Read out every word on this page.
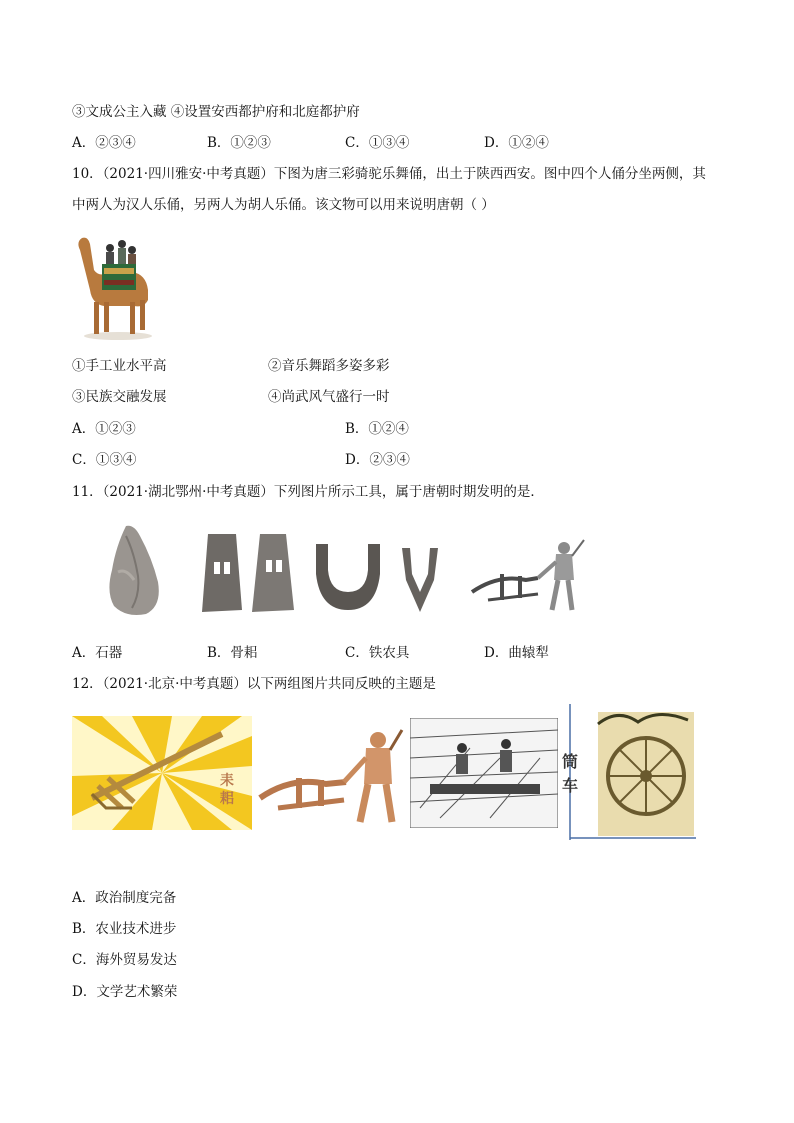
③文成公主入藏 ④设置安西都护府和北庭都护府
A．②③④	B．①②③	C．①③④	D．①②④
10．（2021·四川雅安·中考真题）下图为唐三彩骑驼乐舞俑，出土于陕西西安。图中四个人俑分坐两侧，其
中两人为汉人乐俑，另两人为胡人乐俑。该文物可以用来说明唐朝（ ）
①手工业水平高	②音乐舞蹈多姿多彩
③民族交融发展	④尚武风气盛行一时
A．①②③	B．①②④
C．①③④	D．②③④
11．（2021·湖北鄂州·中考真题）下列图片所示工具，属于唐朝时期发明的是．
A．石器	B．骨耜	C．铁农具	D．曲辕犁
12．（2021·北京·中考真题）以下两组图片共同反映的主题是
耒耜
筒车
A．政治制度完备
B．农业技术进步
C．海外贸易发达
D．文学艺术繁荣
